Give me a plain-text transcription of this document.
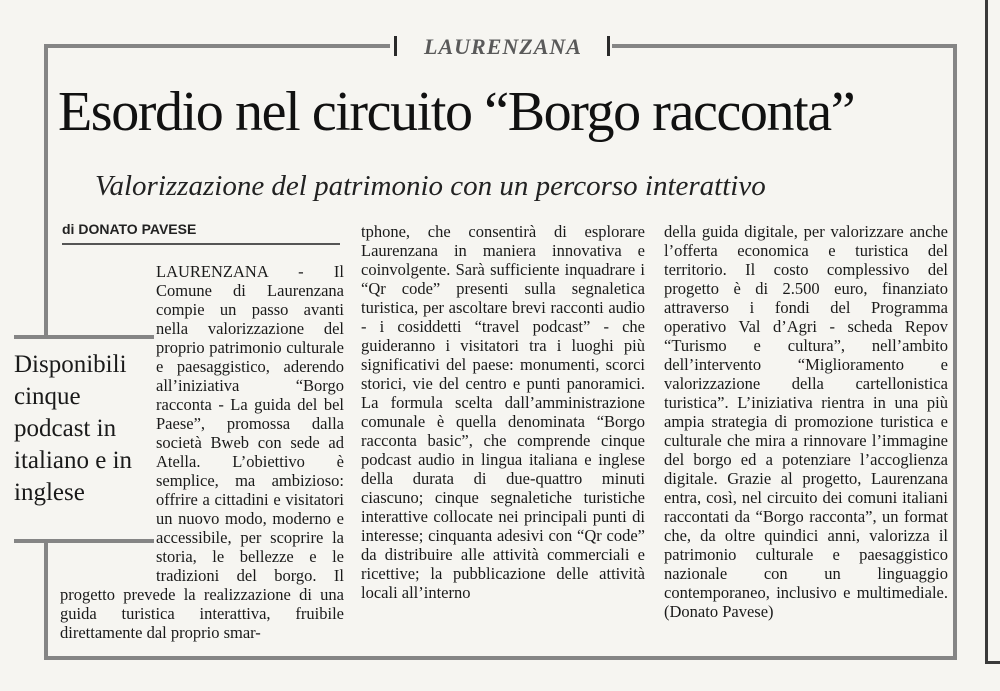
LAURENZANA
Esordio nel circuito “Borgo racconta”
Valorizzazione del patrimonio con un percorso interattivo
di DONATO PAVESE
LAURENZANA - Il Comune di Laurenzana compie un passo avanti nella valorizzazione del proprio patrimonio culturale e paesaggistico, aderendo all’iniziativa “Borgo racconta - La guida del bel Paese”, promossa dalla società Bweb con sede ad Atella. L’obiettivo è semplice, ma ambizioso: offrire a cittadini e visitatori un nuovo modo, moderno e accessibile, per scoprire la storia, le bellezze e le tradizioni del borgo. Il progetto prevede la realizzazione di una guida turistica interattiva, fruibile direttamente dal proprio smar-
tphone, che consentirà di esplorare Laurenzana in maniera innovativa e coinvolgente. Sarà sufficiente inquadrare i “Qr code” presenti sulla segnaletica turistica, per ascoltare brevi racconti audio - i cosiddetti “travel podcast” - che guideranno i visitatori tra i luoghi più significativi del paese: monumenti, scorci storici, vie del centro e punti panoramici. La formula scelta dall’amministrazione comunale è quella denominata “Borgo racconta basic”, che comprende cinque podcast audio in lingua italiana e inglese della durata di due-quattro minuti ciascuno; cinque segnaletiche turistiche interattive collocate nei principali punti di interesse; cinquanta adesivi con “Qr code” da distribuire alle attività commerciali e ricettive; la pubblicazione delle attività locali all’interno
della guida digitale, per valorizzare anche l’offerta economica e turistica del territorio. Il costo complessivo del progetto è di 2.500 euro, finanziato attraverso i fondi del Programma operativo Val d’Agri - scheda Repov “Turismo e cultura”, nell’ambito dell’intervento “Miglioramento e valorizzazione della cartellonistica turistica”. L’iniziativa rientra in una più ampia strategia di promozione turistica e culturale che mira a rinnovare l’immagine del borgo ed a potenziare l’accoglienza digitale. Grazie al progetto, Laurenzana entra, così, nel circuito dei comuni italiani raccontati da “Borgo racconta”, un format che, da oltre quindici anni, valorizza il patrimonio culturale e paesaggistico nazionale con un linguaggio contemporaneo, inclusivo e multimediale. (Donato Pavese)
Disponibili cinque podcast in italiano e in inglese
